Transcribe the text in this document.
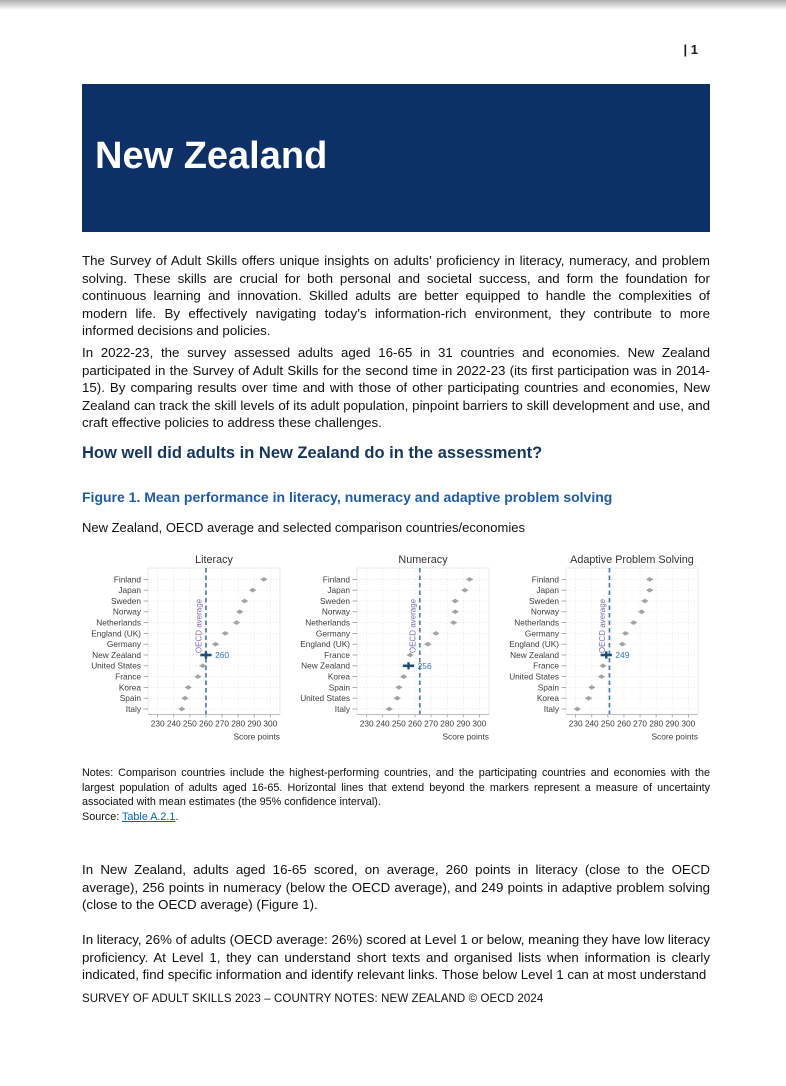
| 1
New Zealand

The Survey of Adult Skills offers unique insights on adults’ proficiency in literacy, numeracy, and problem solving. These skills are crucial for both personal and societal success, and form the foundation for continuous learning and innovation. Skilled adults are better equipped to handle the complexities of modern life. By effectively navigating today’s information-rich environment, they contribute to more informed decisions and policies.

In 2022-23, the survey assessed adults aged 16-65 in 31 countries and economies. New Zealand participated in the Survey of Adult Skills for the second time in 2022-23 (its first participation was in 2014-15). By comparing results over time and with those of other participating countries and economies, New Zealand can track the skill levels of its adult population, pinpoint barriers to skill development and use, and craft effective policies to address these challenges.

How well did adults in New Zealand do in the assessment?
Figure 1. Mean performance in literacy, numeracy and adaptive problem solving
New Zealand, OECD average and selected comparison countries/economies
Literacy
230 240 250 260 270 280 290 300
Finland
Japan
Sweden
Norway
Netherlands
England (UK)
Germany
New Zealand
United States
France
Korea
Spain
Italy
OECD average
260
Score points
Numeracy
230 240 250 260 270 280 290 300
Finland
Japan
Sweden
Norway
Netherlands
Germany
England (UK)
France
New Zealand
Korea
Spain
United States
Italy
OECD average
256
Score points
Adaptive Problem Solving
230 240 250 260 270 280 290 300
Finland
Japan
Sweden
Norway
Netherlands
Germany
England (UK)
New Zealand
France
United States
Spain
Korea
Italy
OECD average
249
Score points
Notes: Comparison countries include the highest-performing countries, and the participating countries and economies with the largest population of adults aged 16-65. Horizontal lines that extend beyond the markers represent a measure of uncertainty associated with mean estimates (the 95% confidence interval).
Source: Table A.2.1.

In New Zealand, adults aged 16-65 scored, on average, 260 points in literacy (close to the OECD average), 256 points in numeracy (below the OECD average), and 249 points in adaptive problem solving (close to the OECD average) (Figure 1).

In literacy, 26% of adults (OECD average: 26%) scored at Level 1 or below, meaning they have low literacy proficiency. At Level 1, they can understand short texts and organised lists when information is clearly indicated, find specific information and identify relevant links. Those below Level 1 can at most understand

SURVEY OF ADULT SKILLS 2023 – COUNTRY NOTES: NEW ZEALAND © OECD 2024
